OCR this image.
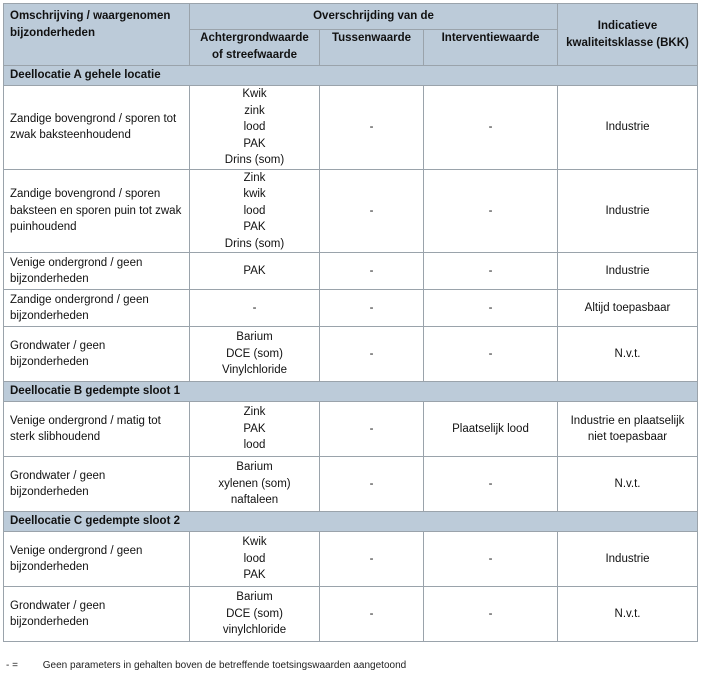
Omschrijving / waargenomen bijzonderheden	Overschrijding van de			Indicatieve kwaliteitsklasse (BKK)
	Achtergrondwaarde of streefwaarde	Tussenwaarde	Interventiewaarde	
Deellocatie A gehele locatie				
Zandige bovengrond / sporen tot zwak baksteenhoudend	Kwik
zink
lood
PAK
Drins (som)	-	-	Industrie
Zandige bovengrond / sporen baksteen en sporen puin tot zwak puinhoudend	Zink
kwik
lood
PAK
Drins (som)	-	-	Industrie
Venige ondergrond / geen bijzonderheden	PAK	-	-	Industrie
Zandige ondergrond / geen bijzonderheden	-	-	-	Altijd toepasbaar
Grondwater / geen bijzonderheden	Barium
DCE (som)
Vinylchloride	-	-	N.v.t.
Deellocatie B gedempte sloot 1				
Venige ondergrond / matig tot sterk slibhoudend	Zink
PAK
lood	-	Plaatselijk lood	Industrie en plaatselijk niet toepasbaar
Grondwater / geen bijzonderheden	Barium
xylenen (som)
naftaleen	-	-	N.v.t.
Deellocatie C gedempte sloot 2				
Venige ondergrond / geen bijzonderheden	Kwik
lood
PAK	-	-	Industrie
Grondwater / geen bijzonderheden	Barium
DCE (som)
vinylchloride	-	-	N.v.t.
- = Geen parameters in gehalten boven de betreffende toetsingswaarden aangetoond
